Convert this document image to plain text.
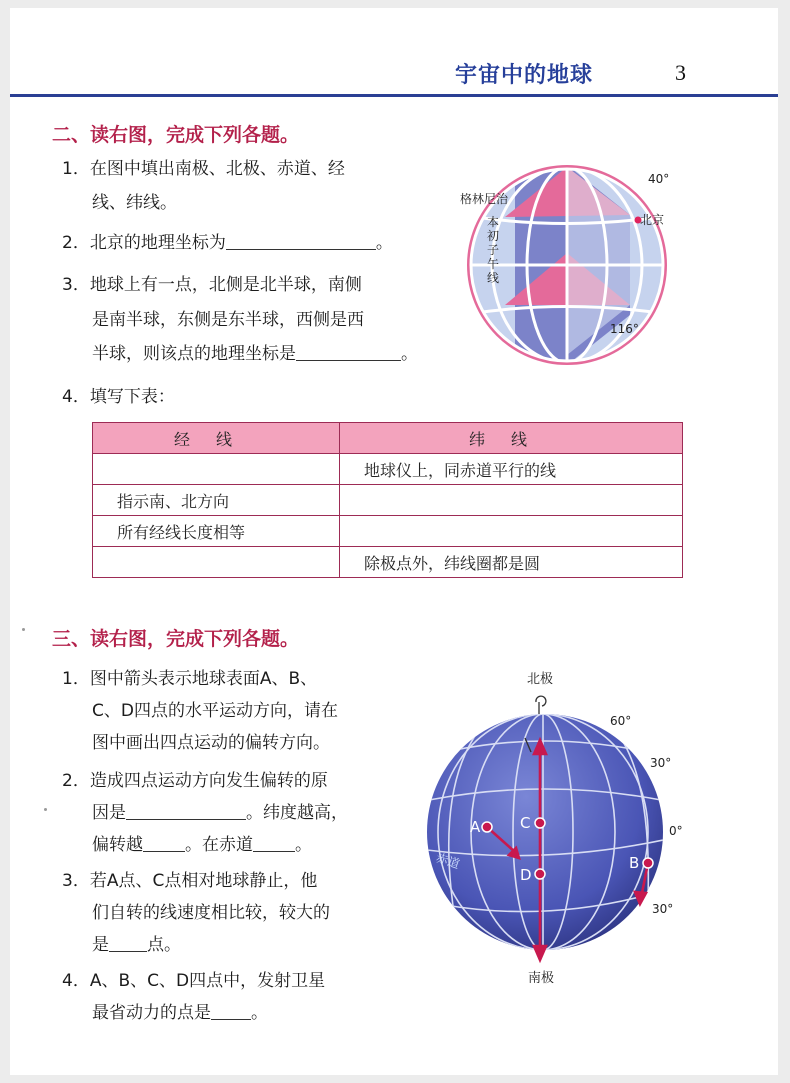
宇宙中的地球	3
二、读右图，完成下列各题。
1．在图中填出南极、北极、赤道、经
线、纬线。
2．北京的地理坐标为	。
3．地球上有一点，北侧是北半球，南侧
是南半球，东侧是东半球，西侧是西
半球，则该点的地理坐标是	。
4．填写下表：
格林尼治
本初子午线
北京
40°
116°
经线	纬线
	地球仪上，同赤道平行的线
指示南、北方向	
所有经线长度相等	
	除极点外，纬线圈都是圆
三、读右图，完成下列各题。
1．图中箭头表示地球表面A、B、
C、D四点的水平运动方向，请在
图中画出四点运动的偏转方向。
2．造成四点运动方向发生偏转的原
因是	。纬度越高，
偏转越 。在赤道 。
3．若A点、C点相对地球静止，他
们自转的线速度相比较，较大的
是 点。
4．A、B、C、D四点中，发射卫星
最省动力的点是 。
北极
南极
60°
30°
0°
30°
赤道
A	C
D
B
